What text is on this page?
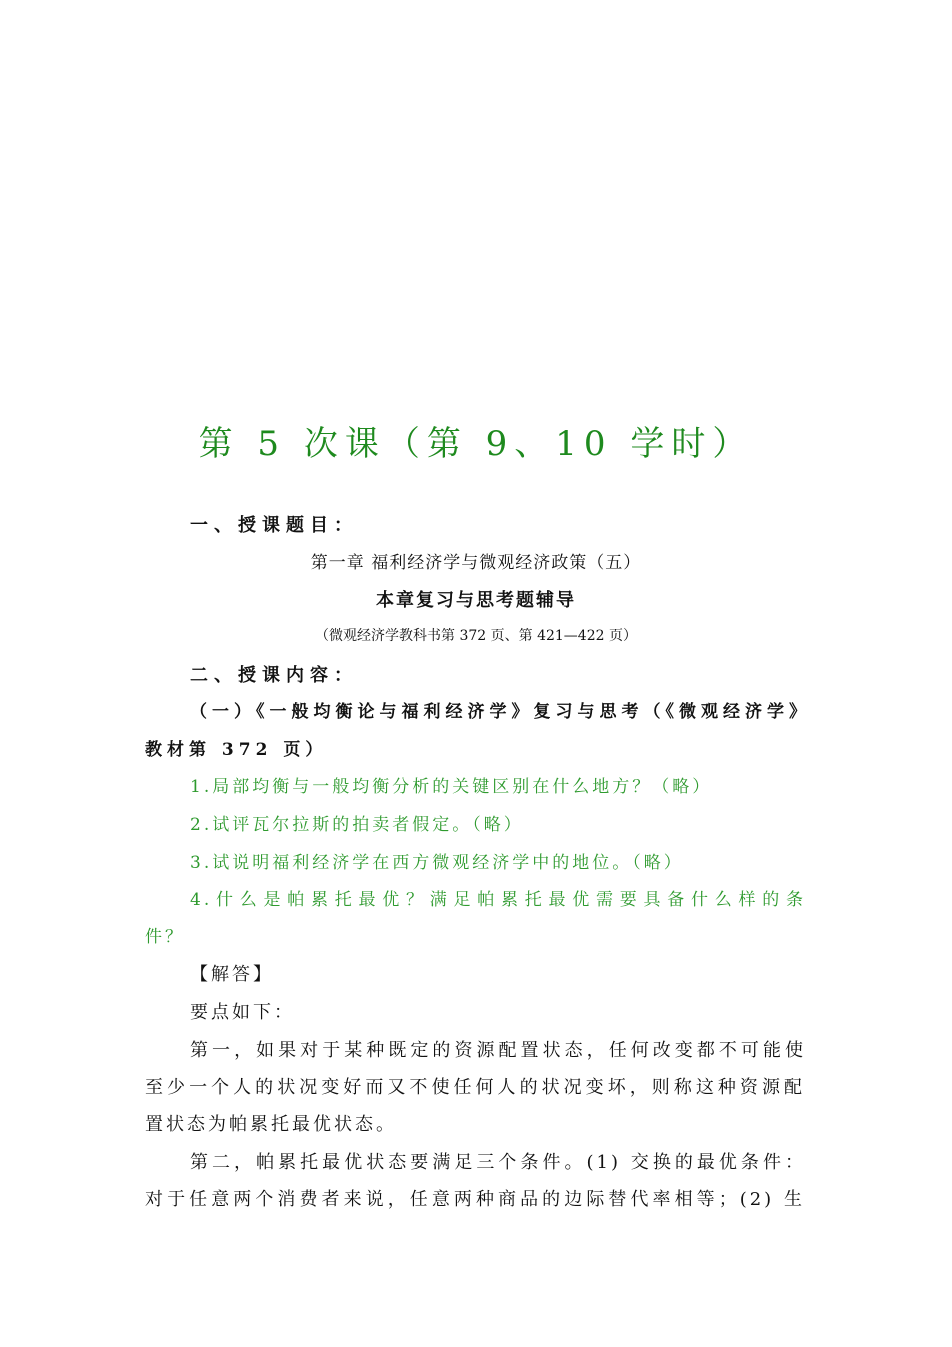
第 5 次课（第 9、10 学时）
一、授课题目：
第一章 福利经济学与微观经济政策（五）
本章复习与思考题辅导
（微观经济学教科书第 372 页、第 421—422 页）
二、授课内容：
（一）《一般均衡论与福利经济学》复习与思考（《微观经济学》
教材第 372 页）
1.局部均衡与一般均衡分析的关键区别在什么地方？（略）
2.试评瓦尔拉斯的拍卖者假定。（略）
3.试说明福利经济学在西方微观经济学中的地位。（略）
4.什么是帕累托最优？满足帕累托最优需要具备什么样的条
件？
【解答】
要点如下：
第一，如果对于某种既定的资源配置状态，任何改变都不可能使
至少一个人的状况变好而又不使任何人的状况变坏，则称这种资源配
置状态为帕累托最优状态。
第二，帕累托最优状态要满足三个条件。(1) 交换的最优条件：
对于任意两个消费者来说，任意两种商品的边际替代率相等；(2) 生
